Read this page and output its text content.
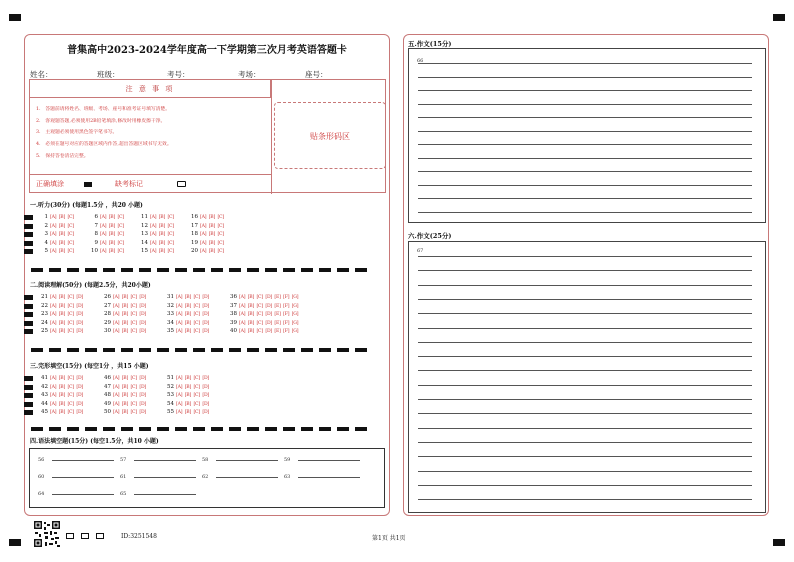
普集高中2023-2024学年度高一下学期第三次月考英语答题卡
姓名：	班级：	考号：	考场：	座号：
注 意 事 项
1.　答题前请将姓名、班级、考场、座号和准考证号填写清楚。
2.　客观题答题,必须使用2B铅笔填涂,修改时用橡皮擦干净。
3.　主观题必须使用黑色签字笔书写。
4.　必须在题号对应的答题区域内作答,超出答题区域书写无效。
5.　保持答卷清洁完整。
正确填涂	缺考标记
贴条形码区
一.听力(30分) (每题1.5分 ，共20 小题)
1 [A] [B] [C]	6 [A] [B] [C]	11 [A] [B] [C]	16 [A] [B] [C]
2 [A] [B] [C]	7 [A] [B] [C]	12 [A] [B] [C]	17 [A] [B] [C]
3 [A] [B] [C]	8 [A] [B] [C]	13 [A] [B] [C]	18 [A] [B] [C]
4 [A] [B] [C]	9 [A] [B] [C]	14 [A] [B] [C]	19 [A] [B] [C]
5 [A] [B] [C]	10 [A] [B] [C]	15 [A] [B] [C]	20 [A] [B] [C]
二.阅读理解(50分) (每题2.5分，共20小题)
21 [A] [B] [C] [D]	26 [A] [B] [C] [D]	31 [A] [B] [C] [D]	36 [A] [B] [C] [D] [E] [F] [G]
22 [A] [B] [C] [D]	27 [A] [B] [C] [D]	32 [A] [B] [C] [D]	37 [A] [B] [C] [D] [E] [F] [G]
23 [A] [B] [C] [D]	28 [A] [B] [C] [D]	33 [A] [B] [C] [D]	38 [A] [B] [C] [D] [E] [F] [G]
24 [A] [B] [C] [D]	29 [A] [B] [C] [D]	34 [A] [B] [C] [D]	39 [A] [B] [C] [D] [E] [F] [G]
25 [A] [B] [C] [D]	30 [A] [B] [C] [D]	35 [A] [B] [C] [D]	40 [A] [B] [C] [D] [E] [F] [G]
三.完形填空(15分) (每空1分 ，共15 小题)
41 [A] [B] [C] [D]	46 [A] [B] [C] [D]	51 [A] [B] [C] [D]
42 [A] [B] [C] [D]	47 [A] [B] [C] [D]	52 [A] [B] [C] [D]
43 [A] [B] [C] [D]	48 [A] [B] [C] [D]	53 [A] [B] [C] [D]
44 [A] [B] [C] [D]	49 [A] [B] [C] [D]	54 [A] [B] [C] [D]
45 [A] [B] [C] [D]	50 [A] [B] [C] [D]	55 [A] [B] [C] [D]
四.语法填空题(15分) (每空1.5分，共10 小题)
56	57	58	59
60	61	62	63
64	65
五.作文(15分)
66
六.作文(25分)
67
ID:3251548	第1页 共1页
